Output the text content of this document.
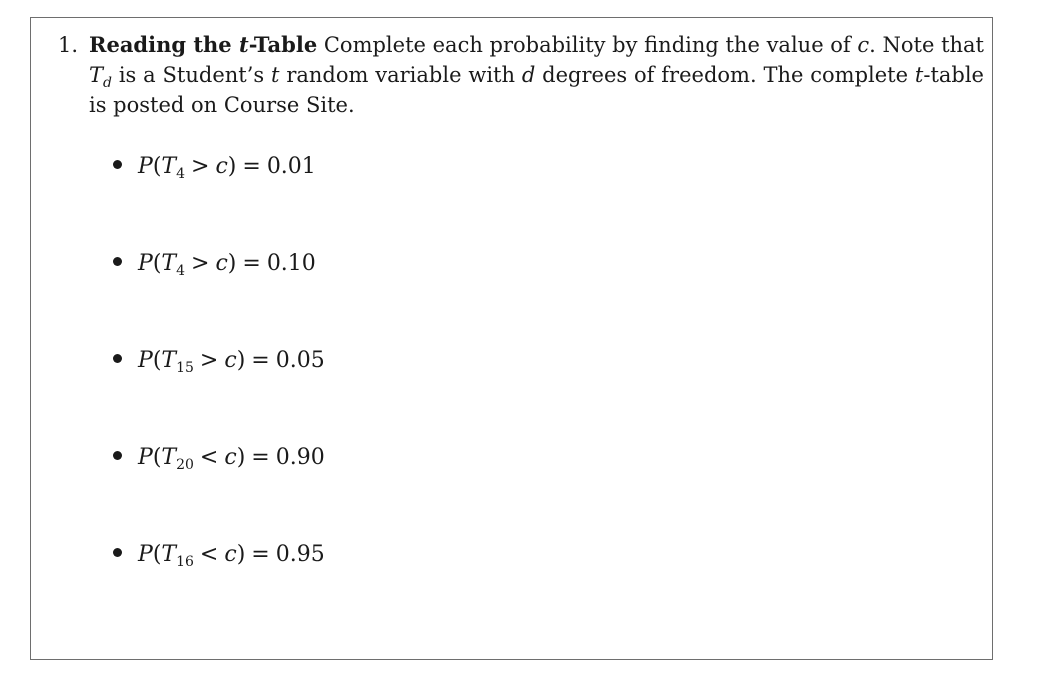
1. Reading the t-Table Complete each probability by finding the value of c. Note that $T_d$ is a Student’s t random variable with d degrees of freedom. The complete t-table is posted on Course Site.
$P(T_4 > c) = 0.01$
$P(T_4 > c) = 0.10$
$P(T_{15} > c) = 0.05$
$P(T_{20} < c) = 0.90$
$P(T_{16} < c) = 0.95$
